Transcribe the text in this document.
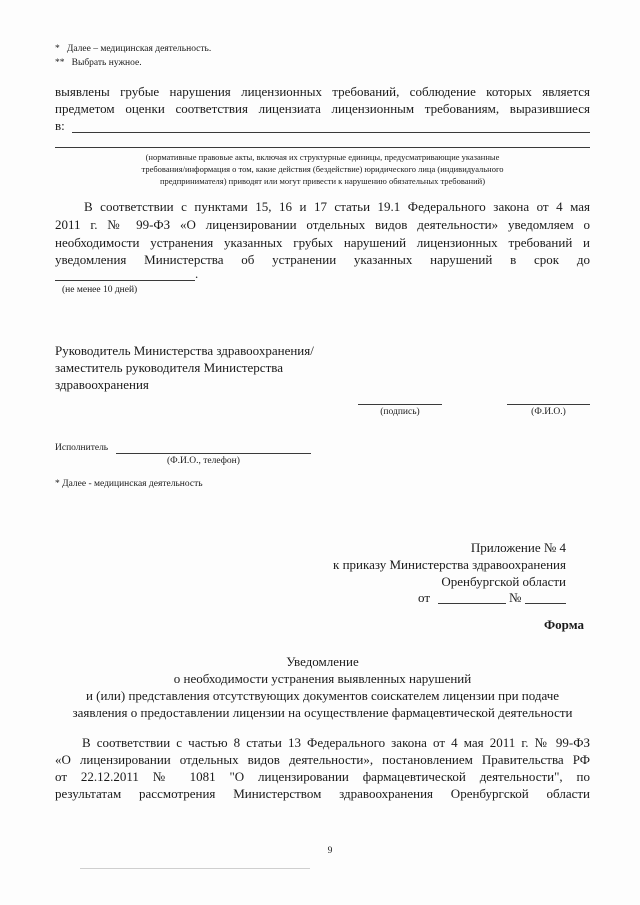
*   Далее – медицинская деятельность.
**   Выбрать нужное.
выявлены грубые нарушения лицензионных требований, соблюдение которых является
предметом оценки соответствия лицензиата лицензионным требованиям, выразившиеся
в:
(нормативные правовые акты, включая их структурные единицы, предусматривающие указанные
требования/информация о том, какие действия (бездействие) юридического лица (индивидуального
предпринимателя) приводят или могут привести к нарушению обязательных требований)
В соответствии с пунктами 15, 16 и 17 статьи 19.1 Федерального закона от 4 мая
2011 г. № 99-ФЗ «О лицензировании отдельных видов деятельности» уведомляем о
необходимости устранения указанных грубых нарушений лицензионных требований и
уведомления Министерства об устранении указанных нарушений в срок до
.
(не менее 10 дней)
Руководитель Министерства здравоохранения/
заместитель руководителя Министерства
здравоохранения
(подпись)	(Ф.И.О.)
Исполнитель
(Ф.И.О., телефон)
* Далее - медицинская деятельность
Приложение № 4
к приказу Министерства здравоохранения
Оренбургской области
от	№
Форма
Уведомление
о необходимости устранения выявленных нарушений
и (или) представления отсутствующих документов соискателем лицензии при подаче
заявления о предоставлении лицензии на осуществление фармацевтической деятельности
В соответствии с частью 8 статьи 13 Федерального закона от 4 мая 2011 г. № 99-ФЗ
«О лицензировании отдельных видов деятельности», постановлением Правительства РФ
от 22.12.2011 № 1081 "О лицензировании фармацевтической деятельности", по
результатам рассмотрения Министерством здравоохранения Оренбургской области
9
